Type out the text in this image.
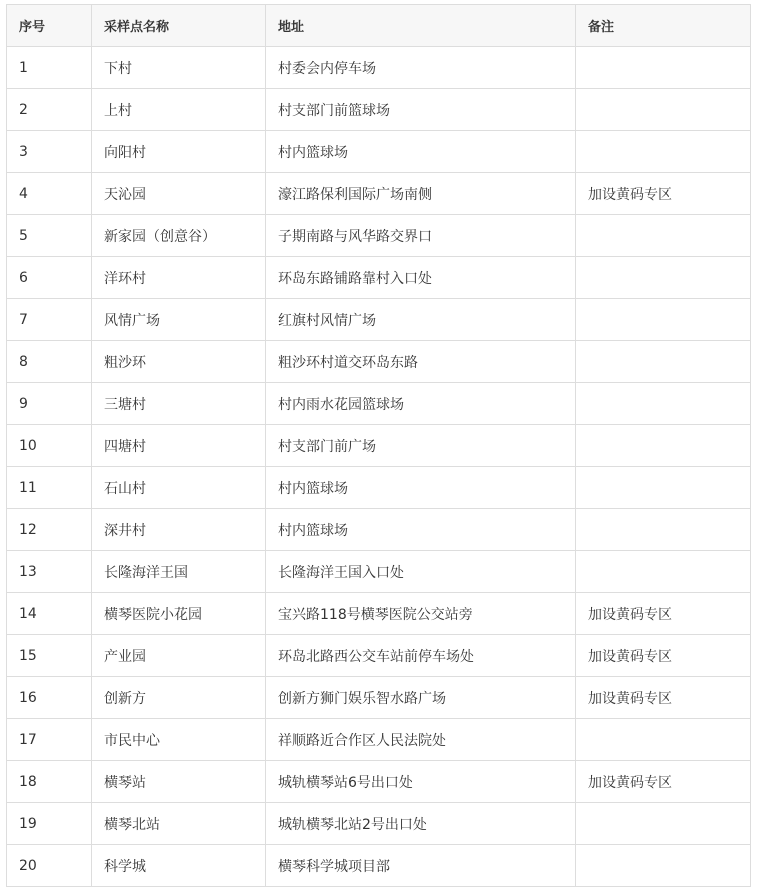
序号	采样点名称	地址	备注
1	下村	村委会内停车场	
2	上村	村支部门前篮球场	
3	向阳村	村内篮球场	
4	天沁园	濠江路保利国际广场南侧	加设黄码专区
5	新家园（创意谷）	子期南路与风华路交界口	
6	洋环村	环岛东路铺路靠村入口处	
7	风情广场	红旗村风情广场	
8	粗沙环	粗沙环村道交环岛东路	
9	三塘村	村内雨水花园篮球场	
10	四塘村	村支部门前广场	
11	石山村	村内篮球场	
12	深井村	村内篮球场	
13	长隆海洋王国	长隆海洋王国入口处	
14	横琴医院小花园	宝兴路118号横琴医院公交站旁	加设黄码专区
15	产业园	环岛北路西公交车站前停车场处	加设黄码专区
16	创新方	创新方狮门娱乐智水路广场	加设黄码专区
17	市民中心	祥顺路近合作区人民法院处	
18	横琴站	城轨横琴站6号出口处	加设黄码专区
19	横琴北站	城轨横琴北站2号出口处	
20	科学城	横琴科学城项目部	
